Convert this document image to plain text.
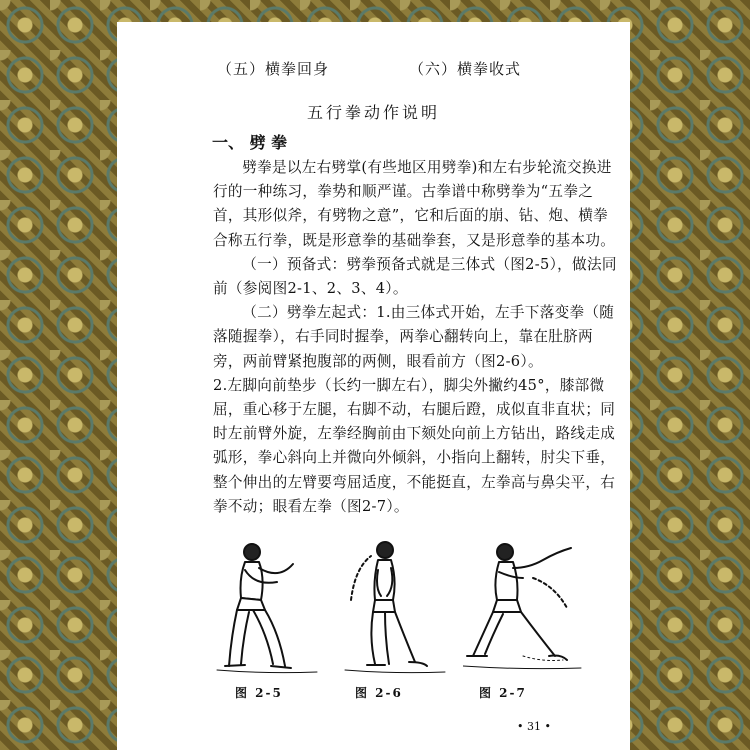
（五）横拳回身	（六）横拳收式
五行拳动作说明
一、 劈 拳

劈拳是以左右劈掌(有些地区用劈拳)和左右步轮流交换进行的一种练习，拳势和顺严谨。古拳谱中称劈拳为“五拳之首，其形似斧，有劈物之意”，它和后面的崩、钻、炮、横拳合称五行拳，既是形意拳的基础拳套，又是形意拳的基本功。

（一）预备式：劈拳预备式就是三体式（图2-5），做法同前（参阅图2-1、2、3、4）。

（二）劈拳左起式：1.由三体式开始，左手下落变拳（随落随握拳），右手同时握拳，两拳心翻转向上，靠在肚脐两旁，两前臂紧抱腹部的两侧，眼看前方（图2-6）。

2.左脚向前垫步（长约一脚左右），脚尖外撇约45°，膝部微屈，重心移于左腿，右脚不动，右腿后蹬，成似直非直状；同时左前臂外旋，左拳经胸前由下颏处向前上方钻出，路线走成弧形，拳心斜向上并微向外倾斜，小指向上翻转，肘尖下垂，整个伸出的左臂要弯屈适度，不能挺直，左拳高与鼻尖平，右拳不动；眼看左拳（图2-7）。

图 2-5	图 2-6	图 2-7
• 31 •
